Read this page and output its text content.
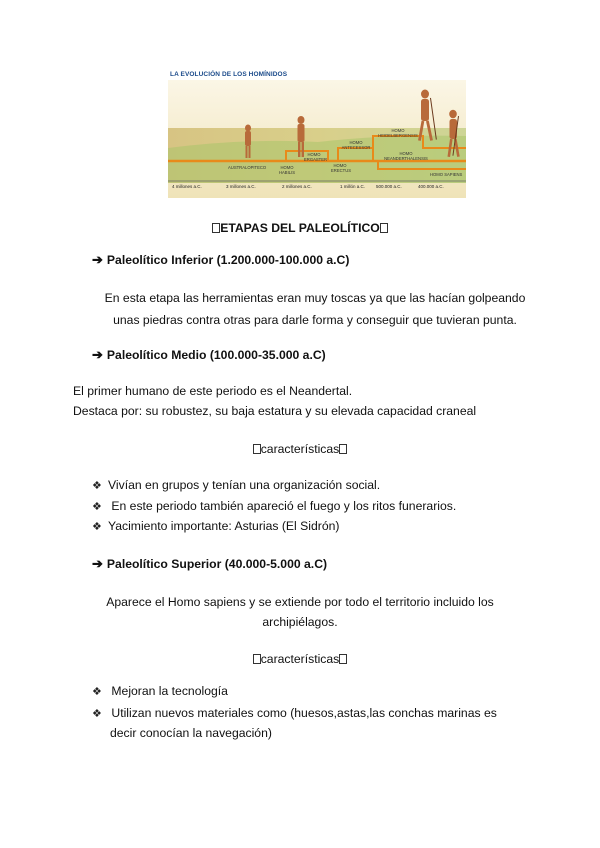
LA EVOLUCIÓN DE LOS HOMÍNIDOS
AUSTRALOPITECO	HOMO HABILIS
HOMO ERGASTER
HOMO ERECTUS
HOMO ANTECESSOR
HOMO HEIDELBERGENSIS
HOMO NEANDERTHALENSIS
HOMO SAPIENS
4 millones a.C.	3 millones a.C.	2 millones a.C.	1 millón a.C. 500.000 a.C.	400.000 a.C.
ETAPAS DEL PALEOLÍTICO
➔ Paleolítico Inferior (1.200.000-100.000 a.C)
En esta etapa las herramientas eran muy toscas ya que las hacían golpeando
unas piedras contra otras para darle forma y conseguir que tuvieran punta.
➔ Paleolítico Medio (100.000-35.000 a.C)
El primer humano de este periodo es el Neandertal.
Destaca por: su robustez, su baja estatura y su elevada capacidad craneal
características
❖ Vivían en grupos y tenían una organización social.
❖ En este periodo también apareció el fuego y los ritos funerarios.
❖ Yacimiento importante: Asturias (El Sidrón)
➔ Paleolítico Superior (40.000-5.000 a.C)
Aparece el Homo sapiens y se extiende por todo el territorio incluido los
archipiélagos.
características
❖ Mejoran la tecnología
❖ Utilizan nuevos materiales como (huesos,astas,las conchas marinas es
decir conocían la navegación)
